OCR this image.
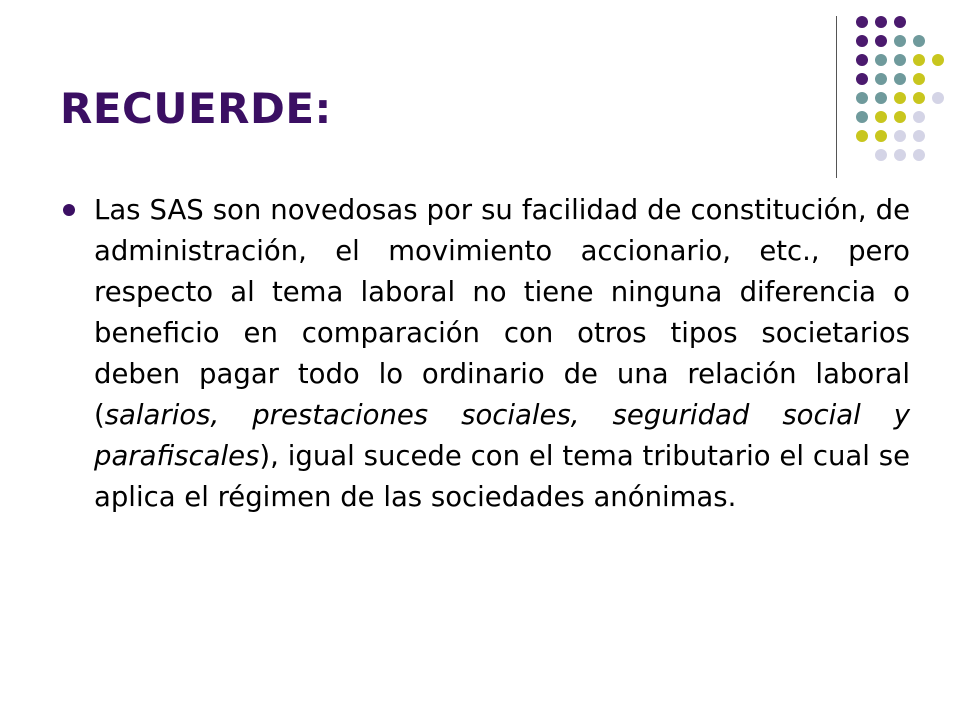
RECUERDE:

Las SAS son novedosas por su facilidad de constitución, de administración, el movimiento accionario, etc., pero respecto al tema laboral no tiene ninguna diferencia o beneficio en comparación con otros tipos societarios deben pagar todo lo ordinario de una relación laboral (salarios, prestaciones sociales, seguridad social y parafiscales), igual sucede con el tema tributario el cual se aplica el régimen de las sociedades anónimas.
